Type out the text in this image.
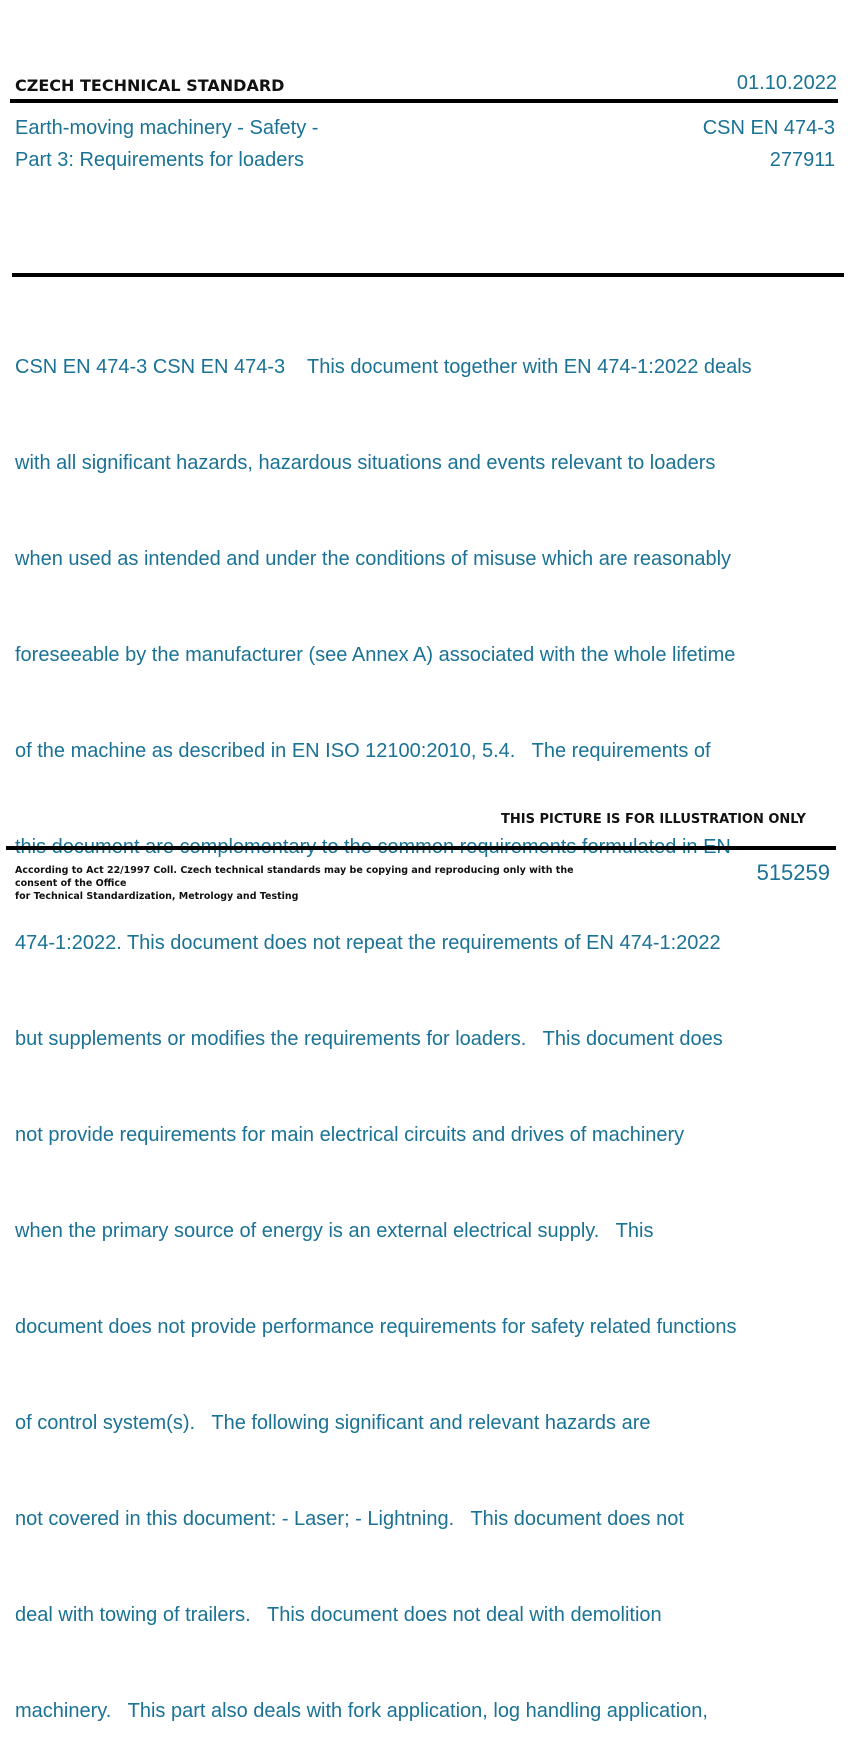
CZECH TECHNICAL STANDARD	01.10.2022
Earth-moving machinery - Safety -
Part 3: Requirements for loaders
CSN EN 474-3
277911

CSN EN 474-3 CSN EN 474-3    This document together with EN 474-1:2022 deals

with all significant hazards, hazardous situations and events relevant to loaders

when used as intended and under the conditions of misuse which are reasonably

foreseeable by the manufacturer (see Annex A) associated with the whole lifetime

of the machine as described in EN ISO 12100:2010, 5.4.   The requirements of

474-1:2022. This document does not repeat the requirements of EN 474-1:2022

but supplements or modifies the requirements for loaders.   This document does

not provide requirements for main electrical circuits and drives of machinery

when the primary source of energy is an external electrical supply.   This

document does not provide performance requirements for safety related functions

of control system(s).   The following significant and relevant hazards are

not covered in this document: - Laser; - Lightning.   This document does not

deal with towing of trailers.   This document does not deal with demolition

machinery.   This part also deals with fork application, log handling application,

THIS PICTURE IS FOR ILLUSTRATION ONLY
According to Act 22/1997 Coll. Czech technical standards may be copying and reproducing only with the consent of the Office
for Technical Standardization, Metrology and Testing
515259
